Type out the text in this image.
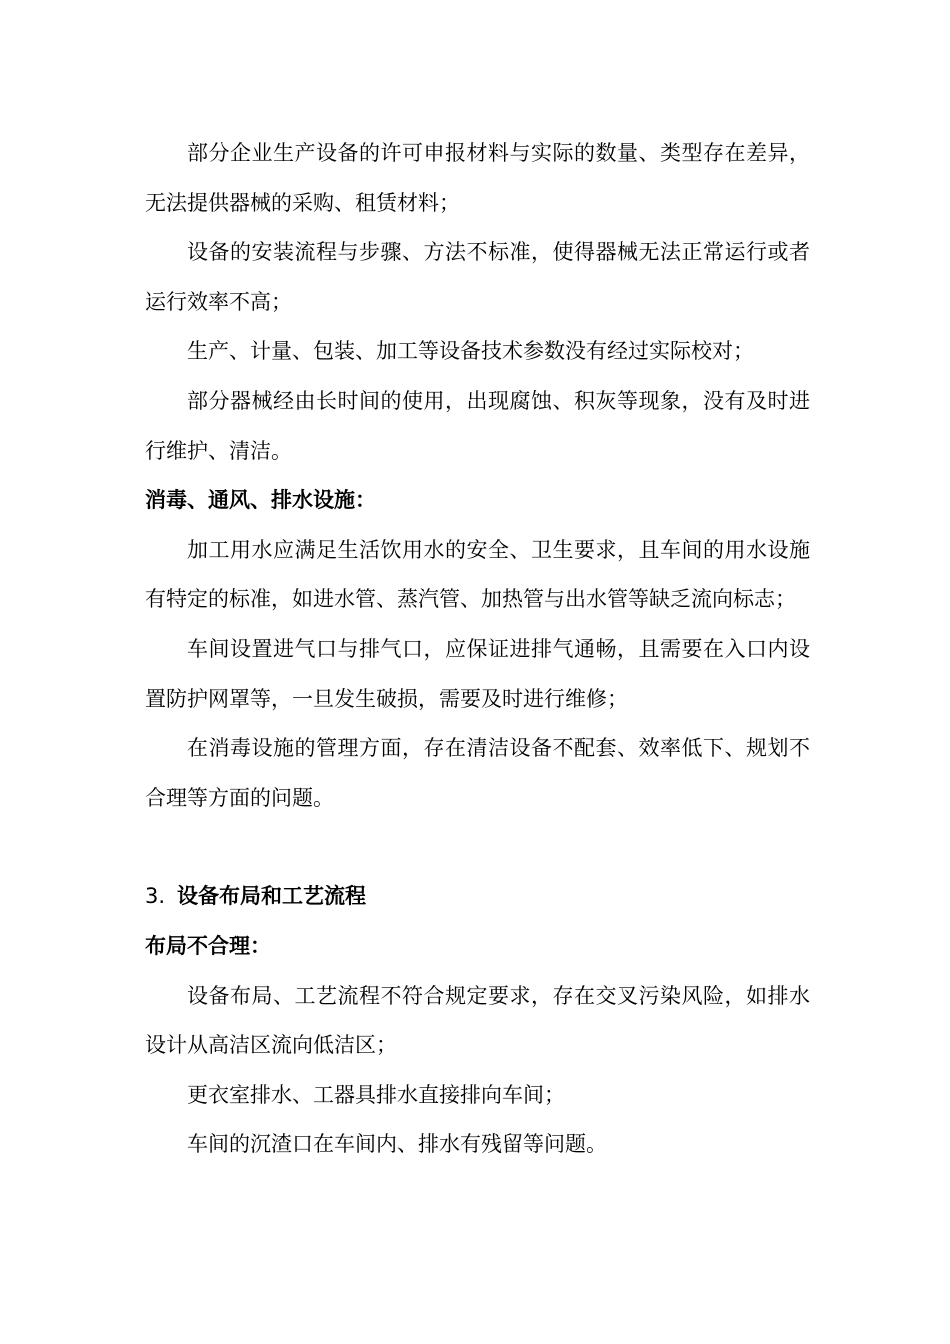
部分企业生产设备的许可申报材料与实际的数量、类型存在差异，无法提供器械的采购、租赁材料；

设备的安装流程与步骤、方法不标准，使得器械无法正常运行或者运行效率不高；

生产、计量、包装、加工等设备技术参数没有经过实际校对；

部分器械经由长时间的使用，出现腐蚀、积灰等现象，没有及时进行维护、清洁。

消毒、通风、排水设施：

加工用水应满足生活饮用水的安全、卫生要求，且车间的用水设施有特定的标准，如进水管、蒸汽管、加热管与出水管等缺乏流向标志；

车间设置进气口与排气口，应保证进排气通畅，且需要在入口内设置防护网罩等，一旦发生破损，需要及时进行维修；

在消毒设施的管理方面，存在清洁设备不配套、效率低下、规划不合理等方面的问题。

3. 设备布局和工艺流程

布局不合理：

设备布局、工艺流程不符合规定要求，存在交叉污染风险，如排水设计从高洁区流向低洁区；

更衣室排水、工器具排水直接排向车间；

车间的沉渣口在车间内、排水有残留等问题。
